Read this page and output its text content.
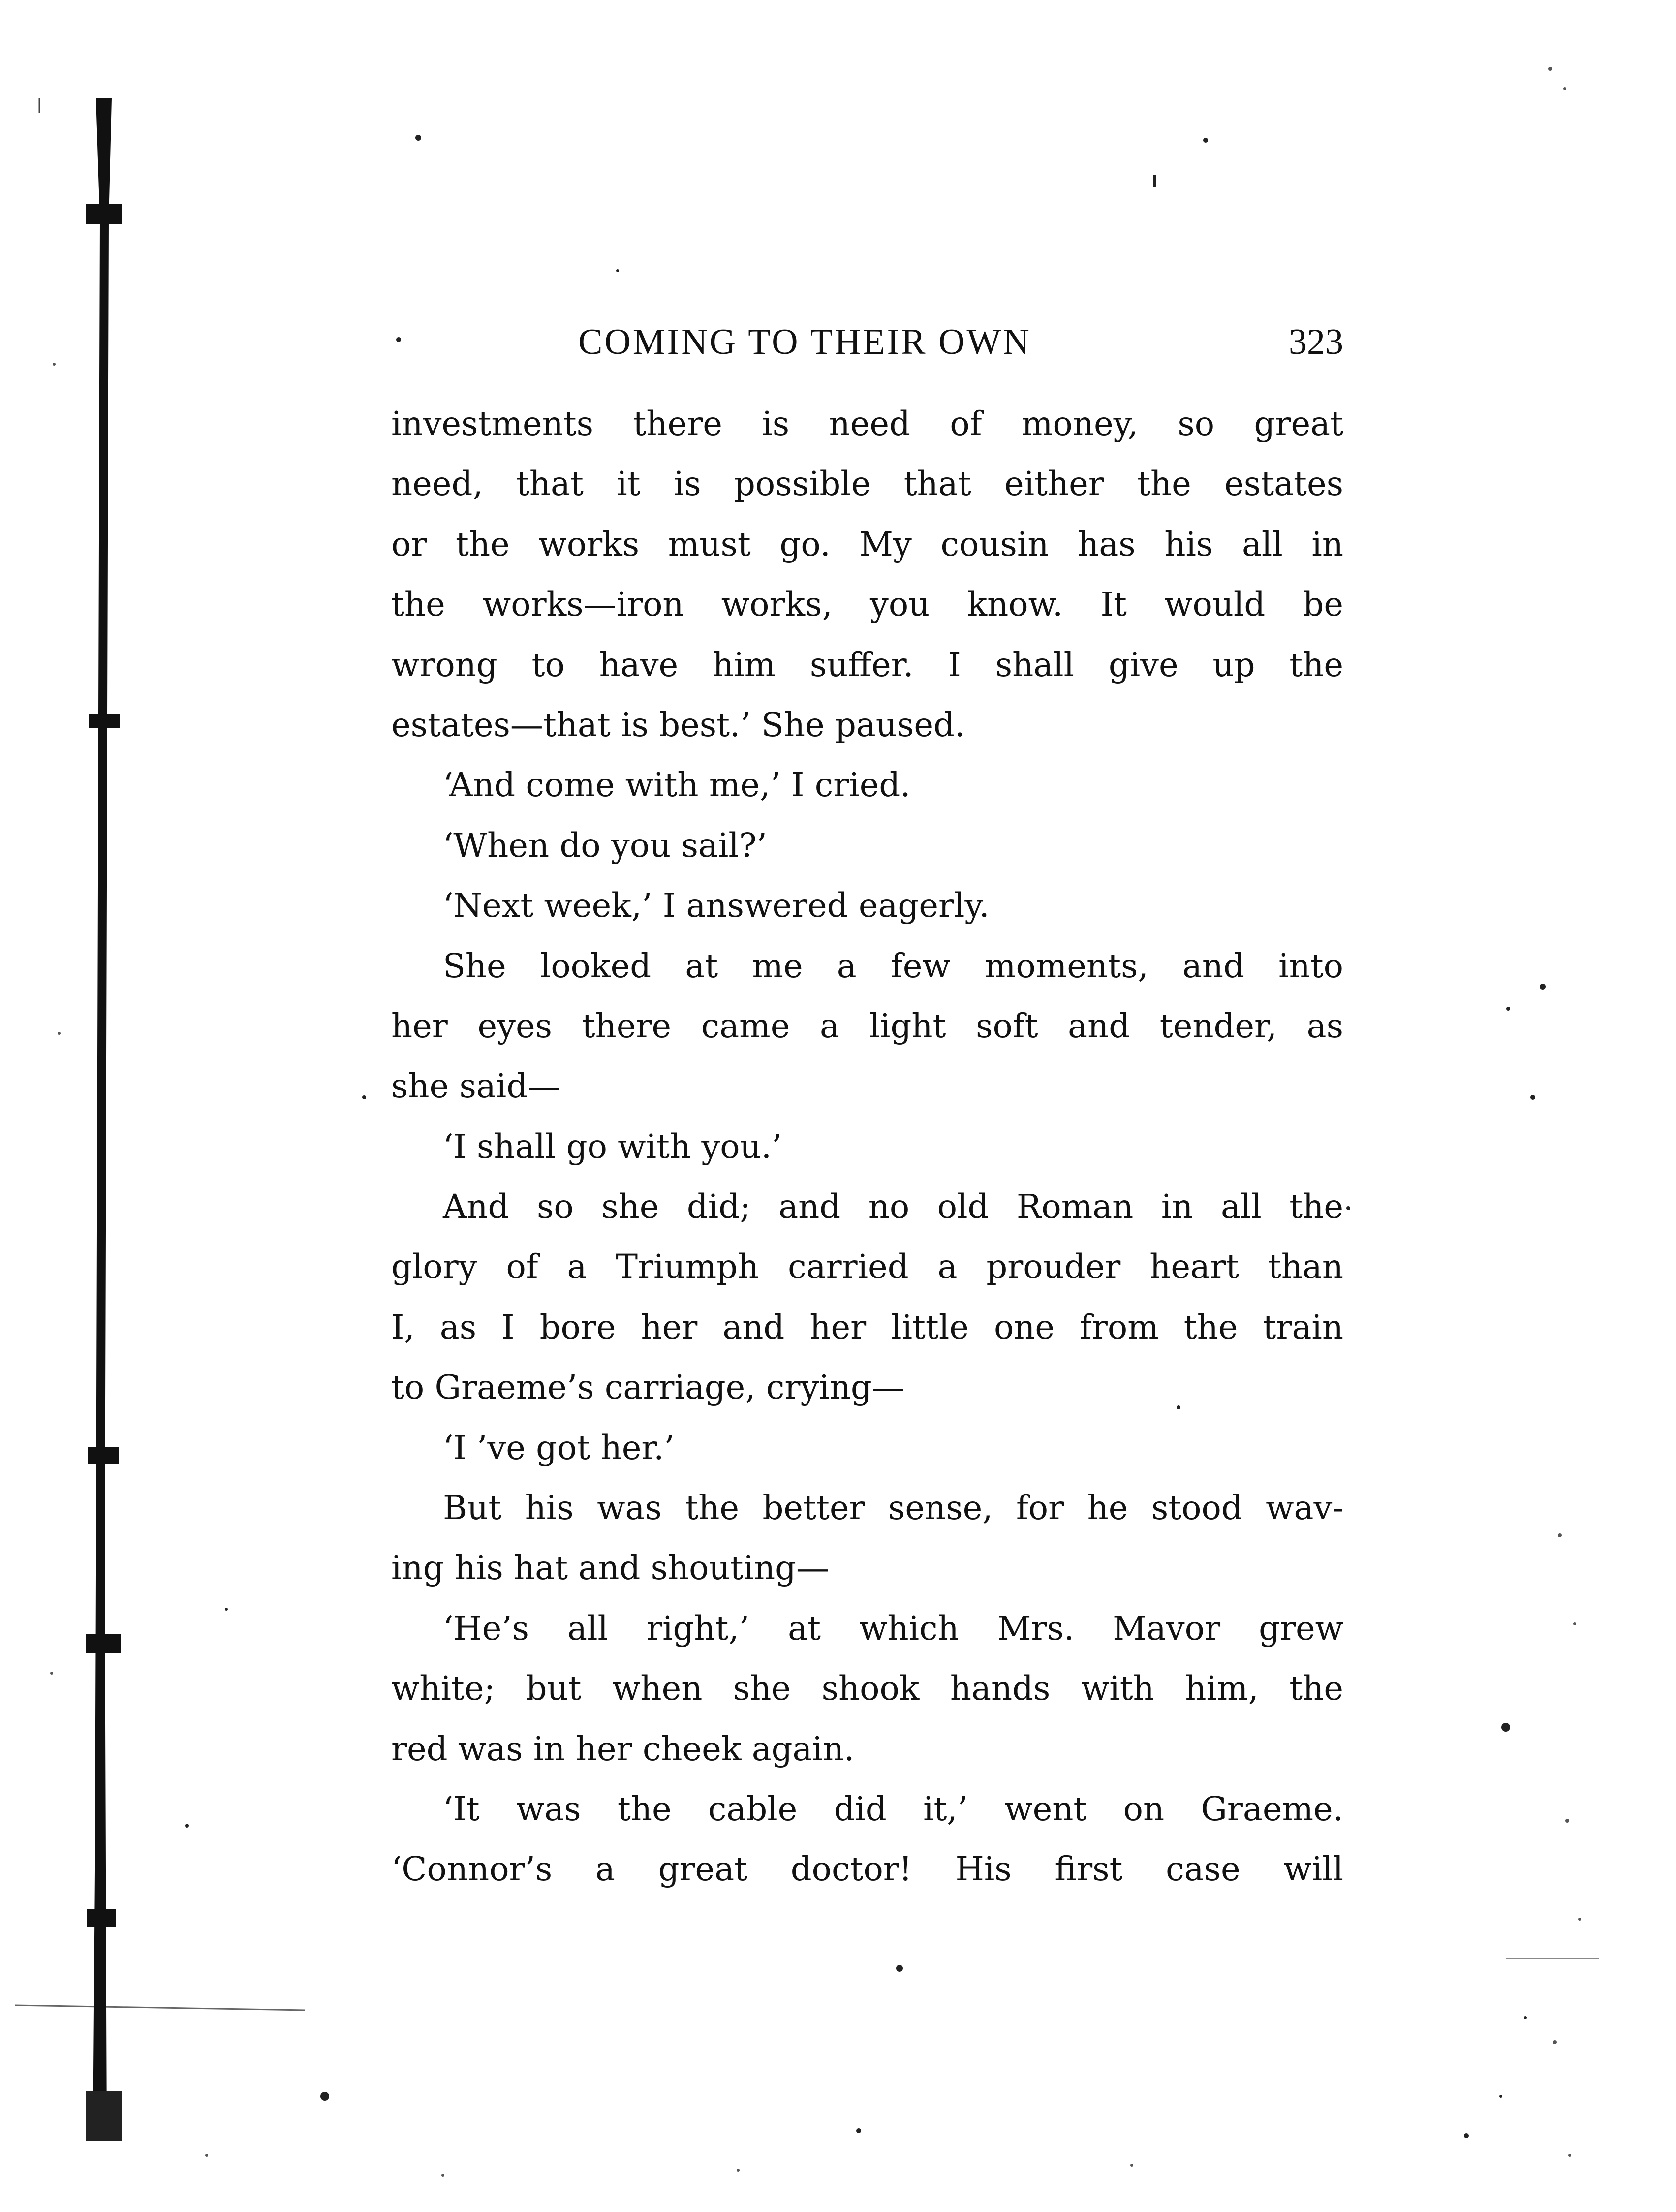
COMING TO THEIR OWN	323
investments there is need of money, so great
need, that it is possible that either the estates
or the works must go. My cousin has his all in
the works—iron works, you know. It would be
wrong to have him suffer. I shall give up the
estates—that is best.’ She paused.
‘And come with me,’ I cried.
‘When do you sail?’
‘Next week,’ I answered eagerly.
She looked at me a few moments, and into
her eyes there came a light soft and tender, as
she said—
‘I shall go with you.’
And so she did; and no old Roman in all the
glory of a Triumph carried a prouder heart than
I, as I bore her and her little one from the train
to Graeme’s carriage, crying—
‘I ’ve got her.’
But his was the better sense, for he stood wav-
ing his hat and shouting—
‘He’s all right,’ at which Mrs. Mavor grew
white; but when she shook hands with him, the
red was in her cheek again.
‘It was the cable did it,’ went on Graeme.
‘Connor’s a great doctor! His first case will
